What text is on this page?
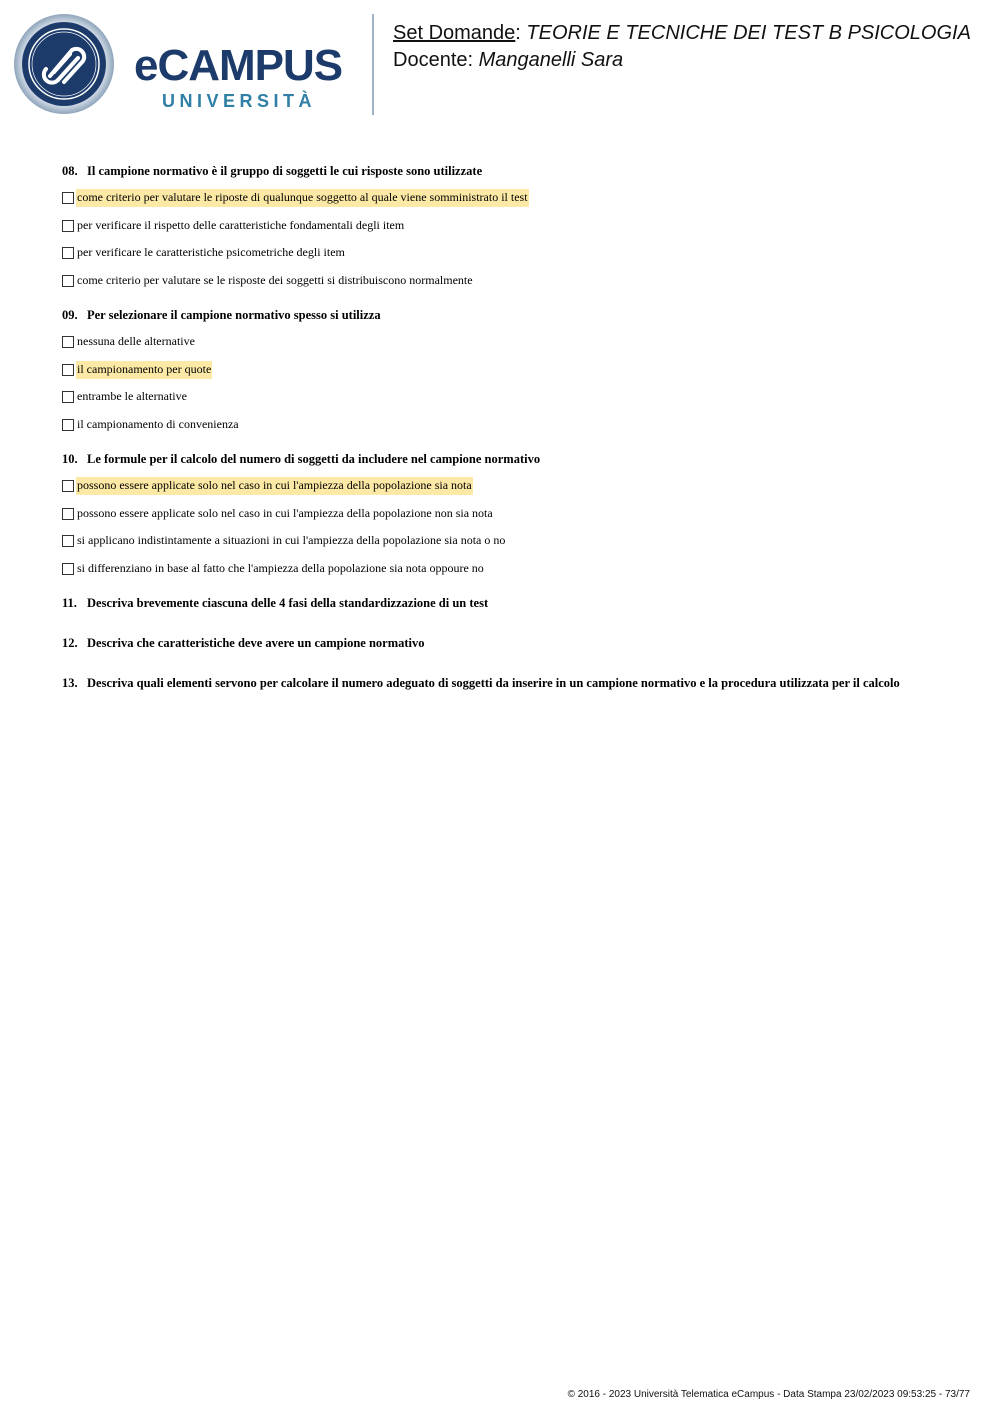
eCAMPUS
UNIVERSITÀ
Set Domande: TEORIE E TECNICHE DEI TEST B PSICOLOGIA
Docente: Manganelli Sara
08. Il campione normativo è il gruppo di soggetti le cui risposte sono utilizzate
come criterio per valutare le riposte di qualunque soggetto al quale viene somministrato il test
per verificare il rispetto delle caratteristiche fondamentali degli item
per verificare le caratteristiche psicometriche degli item
come criterio per valutare se le risposte dei soggetti si distribuiscono normalmente
09. Per selezionare il campione normativo spesso si utilizza
nessuna delle alternative
il campionamento per quote
entrambe le alternative
il campionamento di convenienza
10. Le formule per il calcolo del numero di soggetti da includere nel campione normativo
possono essere applicate solo nel caso in cui l'ampiezza della popolazione sia nota
possono essere applicate solo nel caso in cui l'ampiezza della popolazione non sia nota
si applicano indistintamente a situazioni in cui l'ampiezza della popolazione sia nota o no
si differenziano in base al fatto che l'ampiezza della popolazione sia nota oppoure no
11. Descriva brevemente ciascuna delle 4 fasi della standardizzazione di un test
12. Descriva che caratteristiche deve avere un campione normativo
13. Descriva quali elementi servono per calcolare il numero adeguato di soggetti da inserire in un campione normativo e la procedura utilizzata per il calcolo
© 2016 - 2023 Università Telematica eCampus - Data Stampa 23/02/2023 09:53:25 - 73/77
